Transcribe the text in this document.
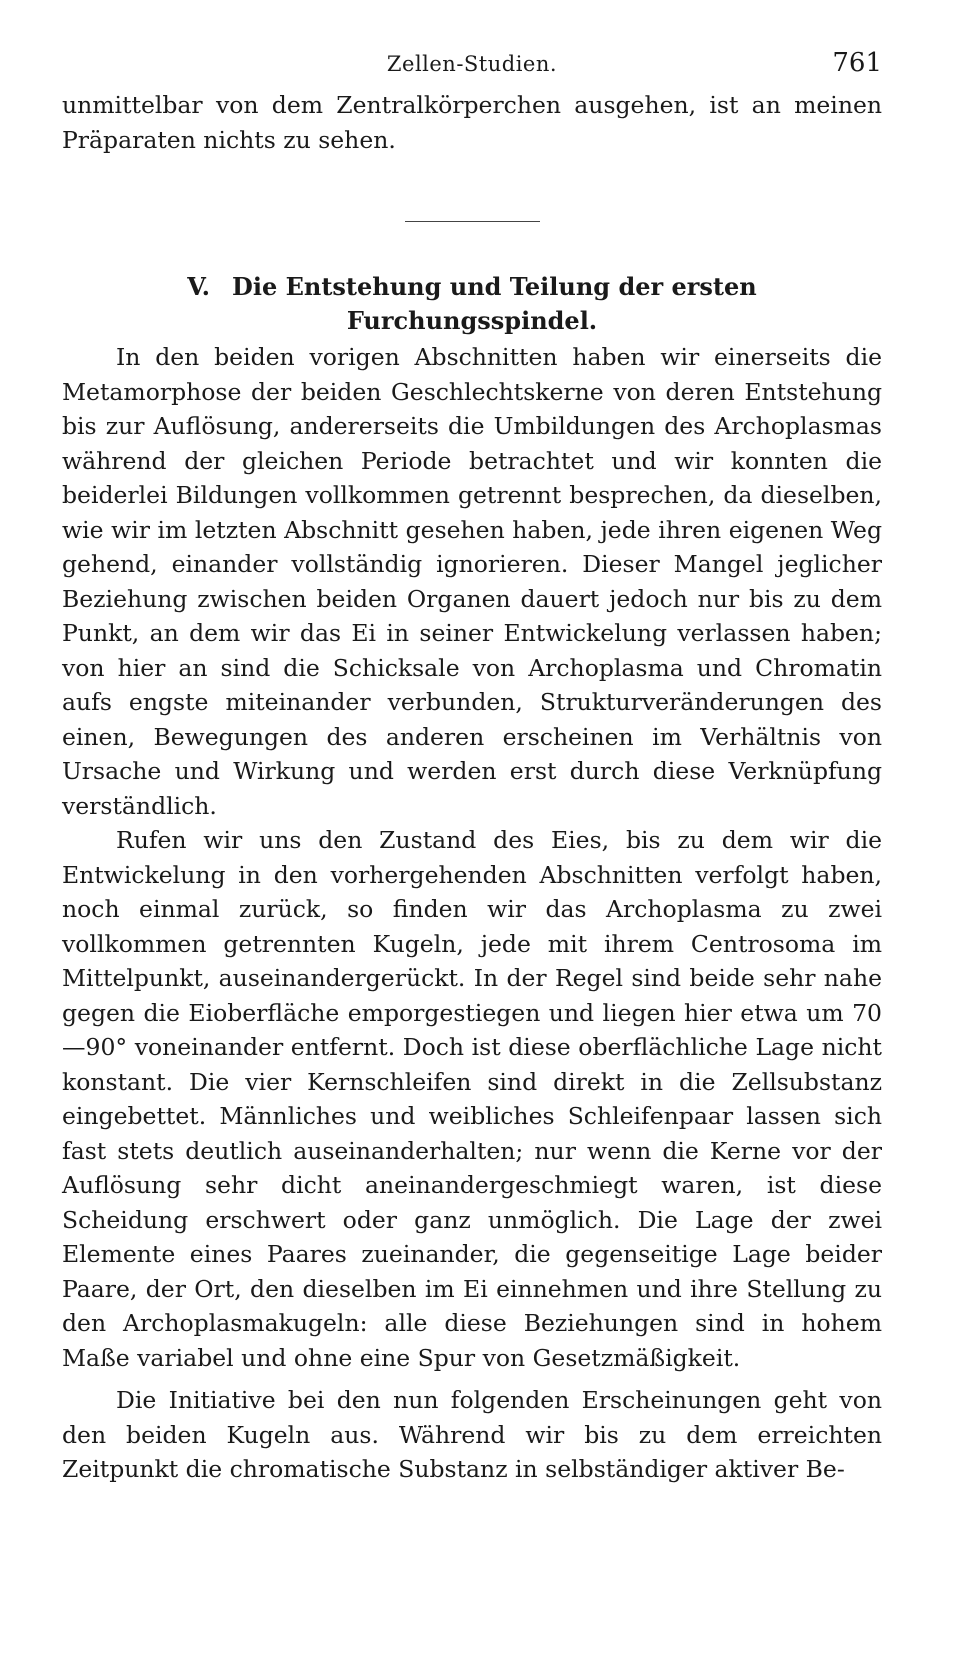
Zellen-Studien.	761

unmittelbar von dem Zentralkörperchen ausgehen, ist an meinen Präparaten nichts zu sehen.

V. Die Entstehung und Teilung der ersten
Furchungsspindel.

In den beiden vorigen Abschnitten haben wir einerseits die Metamorphose der beiden Geschlechtskerne von deren Entstehung bis zur Auflösung, andererseits die Umbildungen des Archoplasmas während der gleichen Periode betrachtet und wir konnten die beiderlei Bildungen vollkommen getrennt besprechen, da dieselben, wie wir im letzten Abschnitt gesehen haben, jede ihren eigenen Weg gehend, einander vollständig ignorieren. Dieser Mangel jeglicher Beziehung zwischen beiden Organen dauert jedoch nur bis zu dem Punkt, an dem wir das Ei in seiner Entwickelung verlassen haben; von hier an sind die Schicksale von Archoplasma und Chromatin aufs engste miteinander verbunden, Strukturveränderungen des einen, Bewegungen des anderen erscheinen im Verhältnis von Ursache und Wirkung und werden erst durch diese Verknüpfung verständlich.

Rufen wir uns den Zustand des Eies, bis zu dem wir die Entwickelung in den vorhergehenden Abschnitten verfolgt haben, noch einmal zurück, so finden wir das Archoplasma zu zwei vollkommen getrennten Kugeln, jede mit ihrem Centrosoma im Mittelpunkt, auseinandergerückt. In der Regel sind beide sehr nahe gegen die Eioberfläche emporgestiegen und liegen hier etwa um 70—90° voneinander entfernt. Doch ist diese oberflächliche Lage nicht konstant. Die vier Kernschleifen sind direkt in die Zellsubstanz eingebettet. Männliches und weibliches Schleifenpaar lassen sich fast stets deutlich auseinanderhalten; nur wenn die Kerne vor der Auflösung sehr dicht aneinandergeschmiegt waren, ist diese Scheidung erschwert oder ganz unmöglich. Die Lage der zwei Elemente eines Paares zueinander, die gegenseitige Lage beider Paare, der Ort, den dieselben im Ei einnehmen und ihre Stellung zu den Archoplasmakugeln: alle diese Beziehungen sind in hohem Maße variabel und ohne eine Spur von Gesetzmäßigkeit.

Die Initiative bei den nun folgenden Erscheinungen geht von den beiden Kugeln aus. Während wir bis zu dem erreichten Zeitpunkt die chromatische Substanz in selbständiger aktiver Be-
